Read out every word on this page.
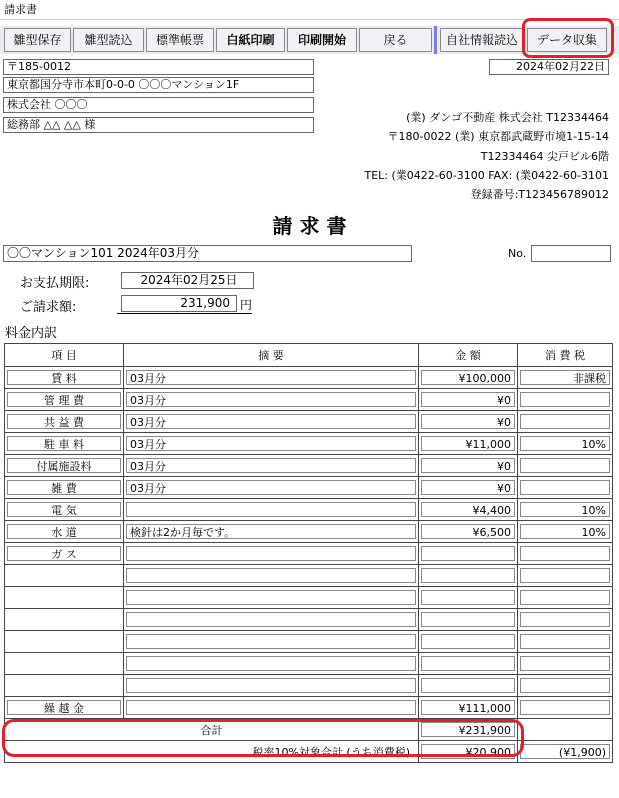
請求書
雛型保存	雛型読込	標準帳票	白紙印刷	印刷開始	戻る	自社情報読込	データ収集
〒185-0012
東京都国分寺市本町0-0-0 〇〇〇マンション1F
株式会社 〇〇〇
総務部 △△ △△ 様
2024年02月22日
(業) ダンゴ不動産 株式会社 T12334464
〒180-0022 (業) 東京都武蔵野市境1-15-14
T12334464 尖戸ビル6階
TEL: (業0422-60-3100 FAX: (業0422-60-3101
登録番号:T123456789012
請 求 書
〇〇マンション101 2024年03月分	No.
お支払期限:	2024年02月25日
ご請求額:	231,900 円
料金内訳
項 目	摘 要	金 額	消 費 税

賃 料	03月分	¥100,000	非課税

管 理 費	03月分	¥0	

共 益 費	03月分	¥0	

駐 車 料	03月分	¥11,000	10%

付属施設料	03月分	¥0	

雑 費	03月分	¥0	

電 気		¥4,400	10%

水 道	検針は2か月毎です。	¥6,500	10%

ガ ス			

繰 越 金		¥111,000	

合計		¥231,900	

税率10%対象合計 (うち消費税)		¥20,900	(¥1,900)
